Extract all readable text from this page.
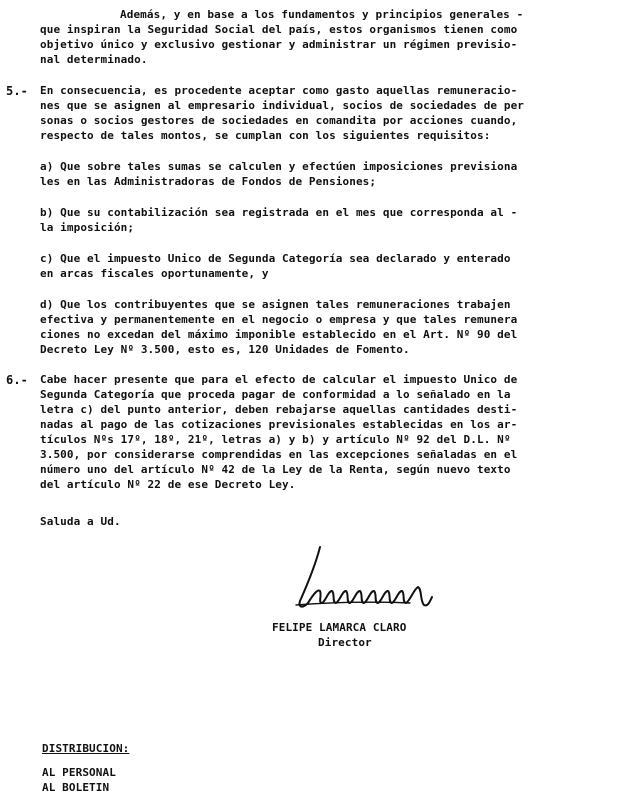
Además, y en base a los fundamentos y principios generales -
que inspiran la Seguridad Social del país, estos organismos tienen como
objetivo único y exclusivo gestionar y administrar un régimen previsio-
nal determinado.
5.- En consecuencia, es procedente aceptar como gasto aquellas remuneracio-
nes que se asignen al empresario individual, socios de sociedades de per
sonas o socios gestores de sociedades en comandita por acciones cuando,
respecto de tales montos, se cumplan con los siguientes requisitos:
a) Que sobre tales sumas se calculen y efectúen imposiciones previsiona
les en las Administradoras de Fondos de Pensiones;
b) Que su contabilización sea registrada en el mes que corresponda al -
la imposición;
c) Que el impuesto Unico de Segunda Categoría sea declarado y enterado
en arcas fiscales oportunamente, y
d) Que los contribuyentes que se asignen tales remuneraciones trabajen
efectiva y permanentemente en el negocio o empresa y que tales remunera
ciones no excedan del máximo imponible establecido en el Art. Nº 90 del
Decreto Ley Nº 3.500, esto es, 120 Unidades de Fomento.
6.- Cabe hacer presente que para el efecto de calcular el impuesto Unico de
Segunda Categoría que proceda pagar de conformidad a lo señalado en la
letra c) del punto anterior, deben rebajarse aquellas cantidades desti-
nadas al pago de las cotizaciones previsionales establecidas en los ar-
tículos Nºs 17º, 18º, 21º, letras a) y b) y artículo Nº 92 del D.L. Nº
3.500, por considerarse comprendidas en las excepciones señaladas en el
número uno del artículo Nº 42 de la Ley de la Renta, según nuevo texto
del artículo Nº 22 de ese Decreto Ley.
Saluda a Ud.
FELIPE LAMARCA CLARO
Director
DISTRIBUCION:
AL PERSONAL
AL BOLETIN
